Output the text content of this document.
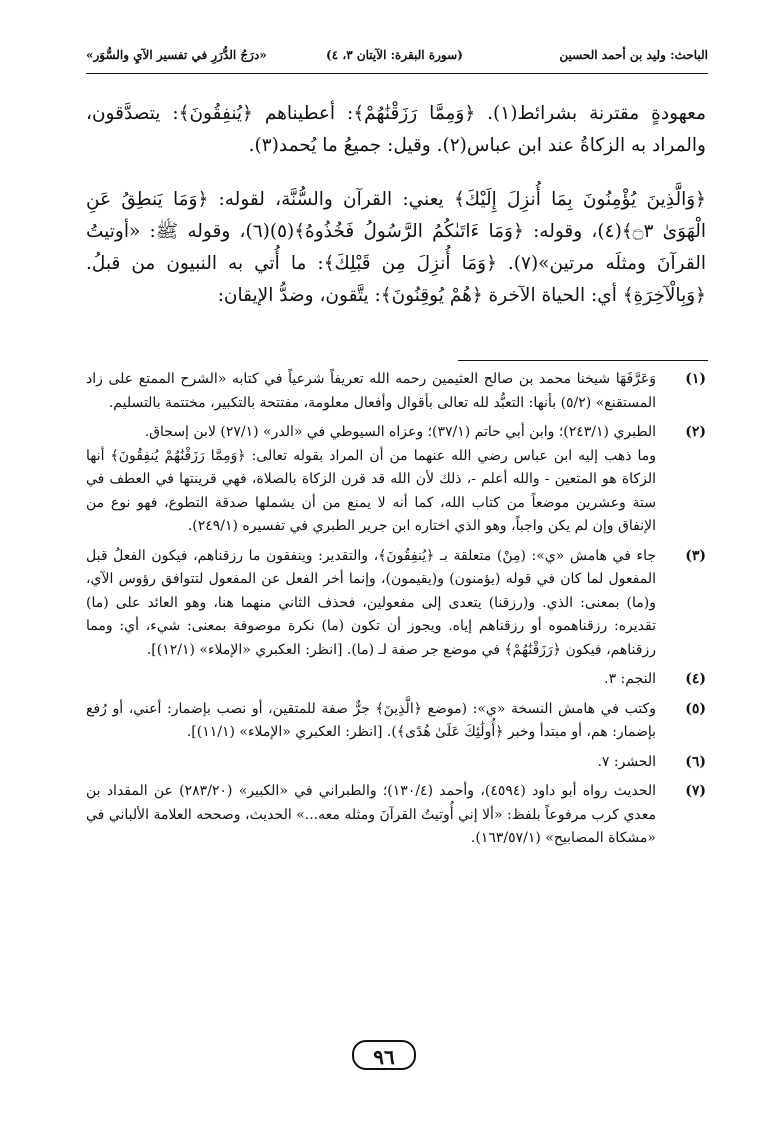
الباحث: وليد بن أحمد الحسين
(سورة البقرة: الآيتان ٣، ٤)
«درَجُ الدُّرَرِ في تفسير الآيِ والسُّوَر»

معهودةٍ مقترنة بشرائط(١). ﴿وَمِمَّا رَزَقْنَٰهُمْ﴾: أعطيناهم ﴿يُنفِقُونَ﴾: يتصدَّقون، والمراد به الزكاةُ عند ابن عباس(٢). وقيل: جميعُ ما يُحمد(٣).

﴿وَالَّذِينَ يُؤْمِنُونَ بِمَا أُنزِلَ إِلَيْكَ﴾ يعني: القرآن والسُّنَّة، لقوله: ﴿وَمَا يَنطِقُ عَنِ الْهَوَىٰ ۝٣﴾(٤)، وقوله: ﴿وَمَا ءَاتَىٰكُمُ الرَّسُولُ فَخُذُوهُ﴾(٥)(٦)، وقوله ﷺ: «أوتيتُ القرآنَ ومثلَه مرتين»(٧). ﴿وَمَا أُنزِلَ مِن قَبْلِكَ﴾: ما أُتي به النبيون من قبلُ. ﴿وَبِالْآخِرَةِ﴾ أي: الحياة الآخرة ﴿هُمْ يُوقِنُونَ﴾: يتَّقون، وضدُّ الإيقان:

(١)

وَعَرَّفَهَا شيخنا محمد بن صالح العثيمين رحمه الله تعريفاً شرعياً في كتابه «الشرح الممتع على زاد المستقنع» (٥/٢) بأنها: التعبُّد لله تعالى بأقوال وأفعال معلومة، مفتتحة بالتكبير، مختتمة بالتسليم.

(٢)

الطبري (٢٤٣/١)؛ وابن أبي حاتم (٣٧/١)؛ وعزاه السيوطي في «الدر» (٢٧/١) لابن إسحاق.

وما ذهب إليه ابن عباس رضي الله عنهما من أن المراد بقوله تعالى: ﴿وَمِمَّا رَزَقْنَٰهُمْ يُنفِقُونَ﴾ أنها الزكاة هو المتعين - والله أعلم -، ذلك لأن الله قد قرن الزكاة بالصلاة، فهي قرينتها في العطف في ستة وعشرين موضعاً من كتاب الله، كما أنه لا يمنع من أن يشملها صدقة التطوع، فهو نوع من الإنفاق وإن لم يكن واجباً، وهو الذي اختاره ابن جرير الطبري في تفسيره (٢٤٩/١).

(٣)

جاء في هامش «ي»: (مِنْ) متعلقة بـ ﴿يُنفِقُونَ﴾، والتقدير: وينفقون ما رزقناهم، فيكون الفعلُ قبل المفعول لما كان في قوله (يؤمنون) و(يقيمون)، وإنما أخر الفعل عن المفعول لتتوافق رؤوس الآي، و(ما) بمعنى: الذي. و(رزقنا) يتعدى إلى مفعولين، فحذف الثاني منهما هنا، وهو العائد على (ما) تقديره: رزقناهموه أو رزقناهم إياه. ويجوز أن تكون (ما) نكرة موصوفة بمعنى: شيء، أي: ومما رزقناهم، فيكون ﴿رَزَقْنَٰهُمْ﴾ في موضع جر صفة لـ (ما). [انظر: العكبري «الإملاء» (١٢/١)].

(٤)

النجم: ٣.

(٥)

وكتب في هامش النسخة «ي»: (موضع ﴿الَّذِينَ﴾ جرٌّ صفة للمتقين، أو نصب بإضمار: أعني، أو رُفع بإضمار: هم، أو مبتدأ وخبر ﴿أُولَٰئِكَ عَلَىٰ هُدًى﴾). [انظر: العكبري «الإملاء» (١١/١)].

(٦)

الحشر: ٧.

(٧)

الحديث رواه أبو داود (٤٥٩٤)، وأحمد (١٣٠/٤)؛ والطبراني في «الكبير» (٢٨٣/٢٠) عن المقداد بن معدي كرب مرفوعاً بلفظ: «ألا إني أُوتيتُ القرآنَ ومثله معه...» الحديث، وصححه العلامة الألباني في «مشكاة المصابيح» (١٦٣/٥٧/١).

٩٦
